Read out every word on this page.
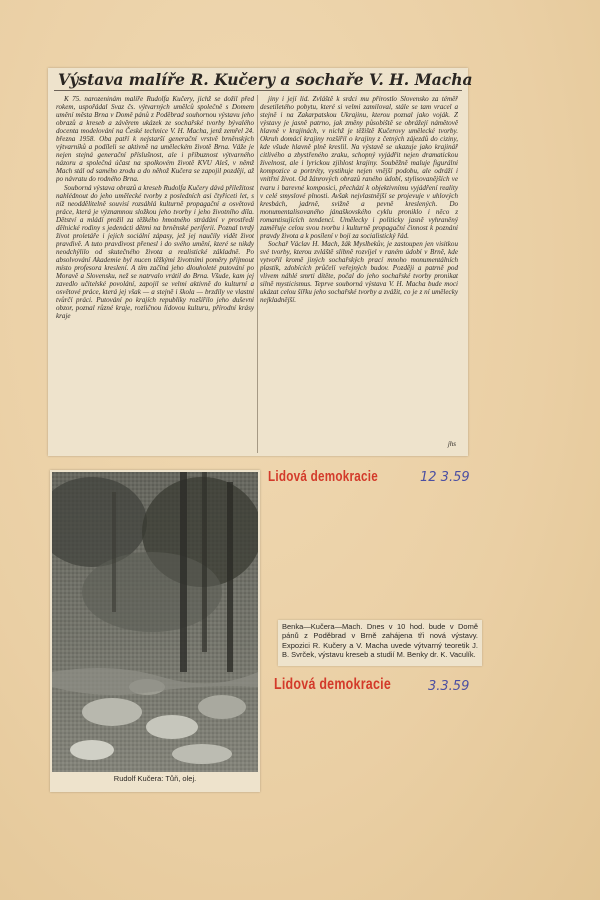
Výstava malíře R. Kučery a sochaře V. H. Macha

K 75. narozeninám malíře Rudolfa Kučery, jichž se dožil před rokem, uspořádal Svaz čs. výtvarných umělců společně s Domem umění města Brna v Domě pánů z Poděbrad souhornou výstavu jeho obrazů a kreseb a závěrem ukázek ze sochařské tvorby bývalého docenta modelování na České technice V. H. Macha, jenž zemřel 24. března 1958. Oba patří k nejstarší generační vrstvě brněnských výtvarníků a podíleli se aktivně na uměleckém životě Brna. Váže je nejen stejná generační příslušnost, ale i příbuznost výtvarného názoru a společná účast na spolkovém životě KVU Aleš, v němž Mach stál od samého zrodu a do něhož Kučera se zapojil později, až po návratu do rodného Brna.

Souborná výstava obrazů a kreseb Rudolfa Kučery dává příležitost nahlédnout do jeho umělecké tvorby z posledních asi čtyřiceti let, s níž neoddělitelně souvisí rozsáhlá kulturně propagační a osvětová práce, která je významnou složkou jeho tvorby i jeho životního díla. Dětství a mládí prožil za těžkého hmotného strádání v prostředí dělnické rodiny s jedenácti dětmi na brněnské periferii. Poznal tvrdý život proletáře i jejich sociální zápasy, jež jej naučily vidět život pravdivě. A tuto pravdivost přenesl i do svého umění, které se nikdy neodchýlilo od skutečného života a realistické základně. Po absolvování Akademie byl nucen těžkými životními poměry přijmout místo profesora kreslení. A tím začíná jeho dlouholeté putování po Moravě a Slovensku, než se natrvalo vrátil do Brna. Všude, kam jej zavedlo učitelské povolání, zapojil se velmi aktivně do kulturní a osvětové práce, která jej však — a stejně i škola — brzdily ve vlastní tvůrčí práci. Putování po krajích republiky rozšířilo jeho duševní obzor, poznal různé kraje, rozličnou lidovou kulturu, přírodní krásy kraje

jiny i její lid. Zvláště k srdci mu přirostlo Slovensko za téměř desetiletého pobytu, které si velmi zamiloval, stále se tam vracel a stejně i na Zakarpatskou Ukrajinu, kterou poznal jako voják. Z výstavy je jasně patrno, jak změny působiště se obrážejí námětově hlavně v krajinách, v nichž je těžiště Kučerovy umělecké tvorby. Okruh domácí krajiny rozšířil o krajiny z četných zájezdů do ciziny, kde všude hlavně plně kreslil. Na výstavě se ukazuje jako krajinář citlivého a zbystřeného zraku, schopný vyjádřit nejen dramatickou živelnost, ale i lyrickou zjihlost krajiny. Souběžně maluje figurální kompozice a portréty, vystihuje nejen vnější podobu, ale odráží i vnitřní život. Od žánrových obrazů raného údobí, stylisovanějších ve tvaru i barevné komposici, přechází k objektivnímu vyjádření reality v celé smyslové plnosti. Avšak nejvlastnější se projevuje v uhlových kresbách, jadrně, svižně a pevně kreslených. Do monumentalisovaného jánaškovského cyklu proniklo i něco z romantisujících tendencí. Umělecky i politicky jasně vyhraněný zaměřuje celou svou tvorbu i kulturně propagační činnost k poznání pravdy života a k posílení v boji za socialistický řád.

Sochař Václav H. Mach, žák Myslbekův, je zastoupen jen visitkou své tvorby, kterou zvláště slibně rozvíjel v raném údobí v Brně, kde vytvořil kromě jiných sochařských prací mnoho monumentálních plastik, zdobících průčelí veřejných budov. Později a patrně pod vlivem náhlé smrti dítěte, počal do jeho sochařské tvorby pronikat silně mysticismus. Teprve souborná výstava V. H. Macha bude moci ukázat celou šířku jeho sochařské tvorby a zvážit, co je z ní umělecky nejkladnější.

jhs
Lidová demokracie	12 3.59
Rudolf Kučera: Tůň, olej.
Benka—Kučera—Mach. Dnes v 10 hod. bude v Domě pánů z Poděbrad v Brně zahájena tři nová výstavy. Expozici R. Kučery a V. Macha uvede výtvarný teoretik J. B. Svrček, výstavu kreseb a studií M. Benky dr. K. Vaculík.
Lidová demokracie	3.3.59
